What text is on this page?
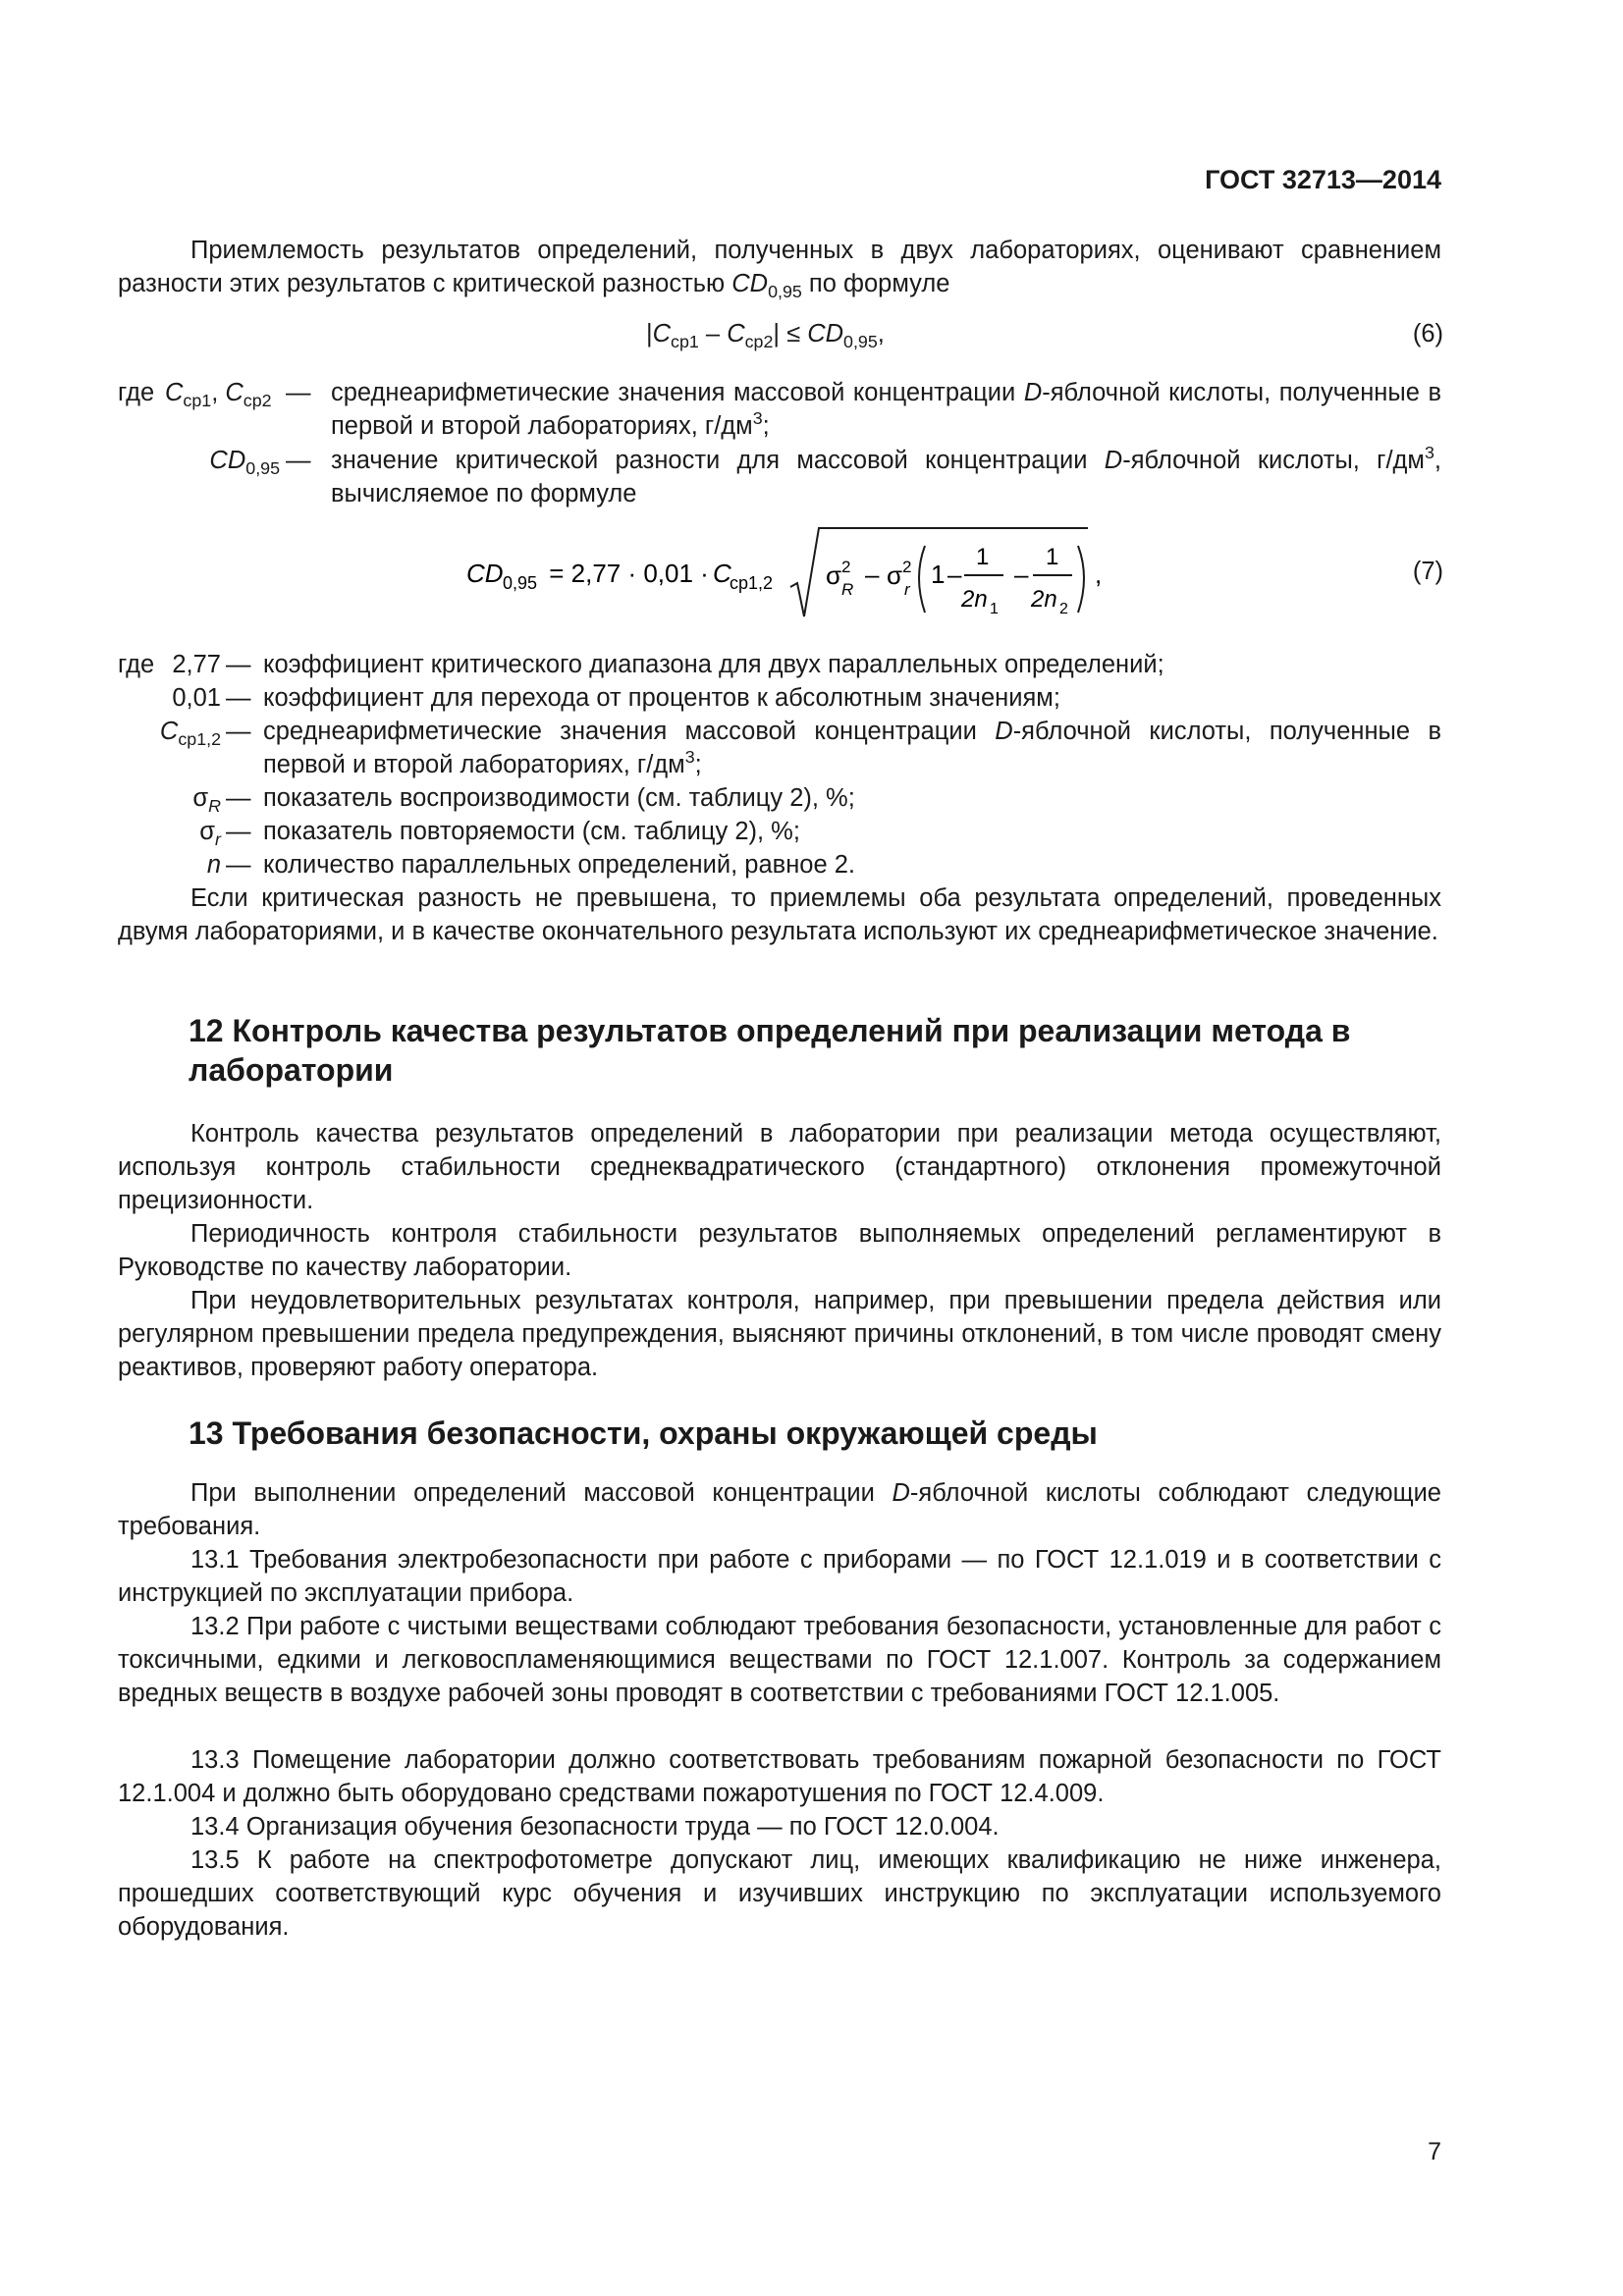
ГОСТ 32713—2014

Приемлемость результатов определений, полученных в двух лабораториях, оценивают сравнением разности этих результатов с критической разностью $CD_{0,95}$ по формуле

$|C_{ср1} - C_{ср2}| \le CD_{0,95}$,	(6)
где $C_{ср1}$, $C_{ср2}$ — среднеарифметические значения массовой концентрации D-яблочной кислоты, полученные в первой и второй лабораториях, $г/дм^3$;
$CD_{0,95}$ — значение критической разности для массовой концентрации D-яблочной кислоты, $г/дм^3$, вычисляемое по формуле
CD 0,95 = 2,77 · 0,01 ·
C
ср1,2 σ 2
R
– σ 2
r
1 –
1
2n 1
–
1
2n 2
,	(7)
где 2,77 — коэффициент критического диапазона для двух параллельных определений;
0,01 — коэффициент для перехода от процентов к абсолютным значениям;
$C_{ср1,2}$ — среднеарифметические значения массовой концентрации D-яблочной кислоты, полученные в первой и второй лабораториях, $г/дм^3$;
$\sigma_R$ — показатель воспроизводимости (см. таблицу 2), %;
$\sigma_r$ — показатель повторяемости (см. таблицу 2), %;
n — количество параллельных определений, равное 2.

Если критическая разность не превышена, то приемлемы оба результата определений, проведенных двумя лабораториями, и в качестве окончательного результата используют их среднеарифметическое значение.

12 Контроль качества результатов определений при реализации метода в лаборатории

Контроль качества результатов определений в лаборатории при реализации метода осуществляют, используя контроль стабильности среднеквадратического (стандартного) отклонения промежуточной прецизионности.

Периодичность контроля стабильности результатов выполняемых определений регламентируют в Руководстве по качеству лаборатории.

При неудовлетворительных результатах контроля, например, при превышении предела действия или регулярном превышении предела предупреждения, выясняют причины отклонений, в том числе проводят смену реактивов, проверяют работу оператора.

13 Требования безопасности, охраны окружающей среды

При выполнении определений массовой концентрации D-яблочной кислоты соблюдают следующие требования.

13.1 Требования электробезопасности при работе с приборами — по ГОСТ 12.1.019 и в соответствии с инструкцией по эксплуатации прибора.

13.2 При работе с чистыми веществами соблюдают требования безопасности, установленные для работ с токсичными, едкими и легковоспламеняющимися веществами по ГОСТ 12.1.007. Контроль за содержанием вредных веществ в воздухе рабочей зоны проводят в соответствии с требованиями ГОСТ 12.1.005.

13.3 Помещение лаборатории должно соответствовать требованиям пожарной безопасности по ГОСТ 12.1.004 и должно быть оборудовано средствами пожаротушения по ГОСТ 12.4.009.

13.4 Организация обучения безопасности труда — по ГОСТ 12.0.004.

13.5 К работе на спектрофотометре допускают лиц, имеющих квалификацию не ниже инженера, прошедших соответствующий курс обучения и изучивших инструкцию по эксплуатации используемого оборудования.

7
